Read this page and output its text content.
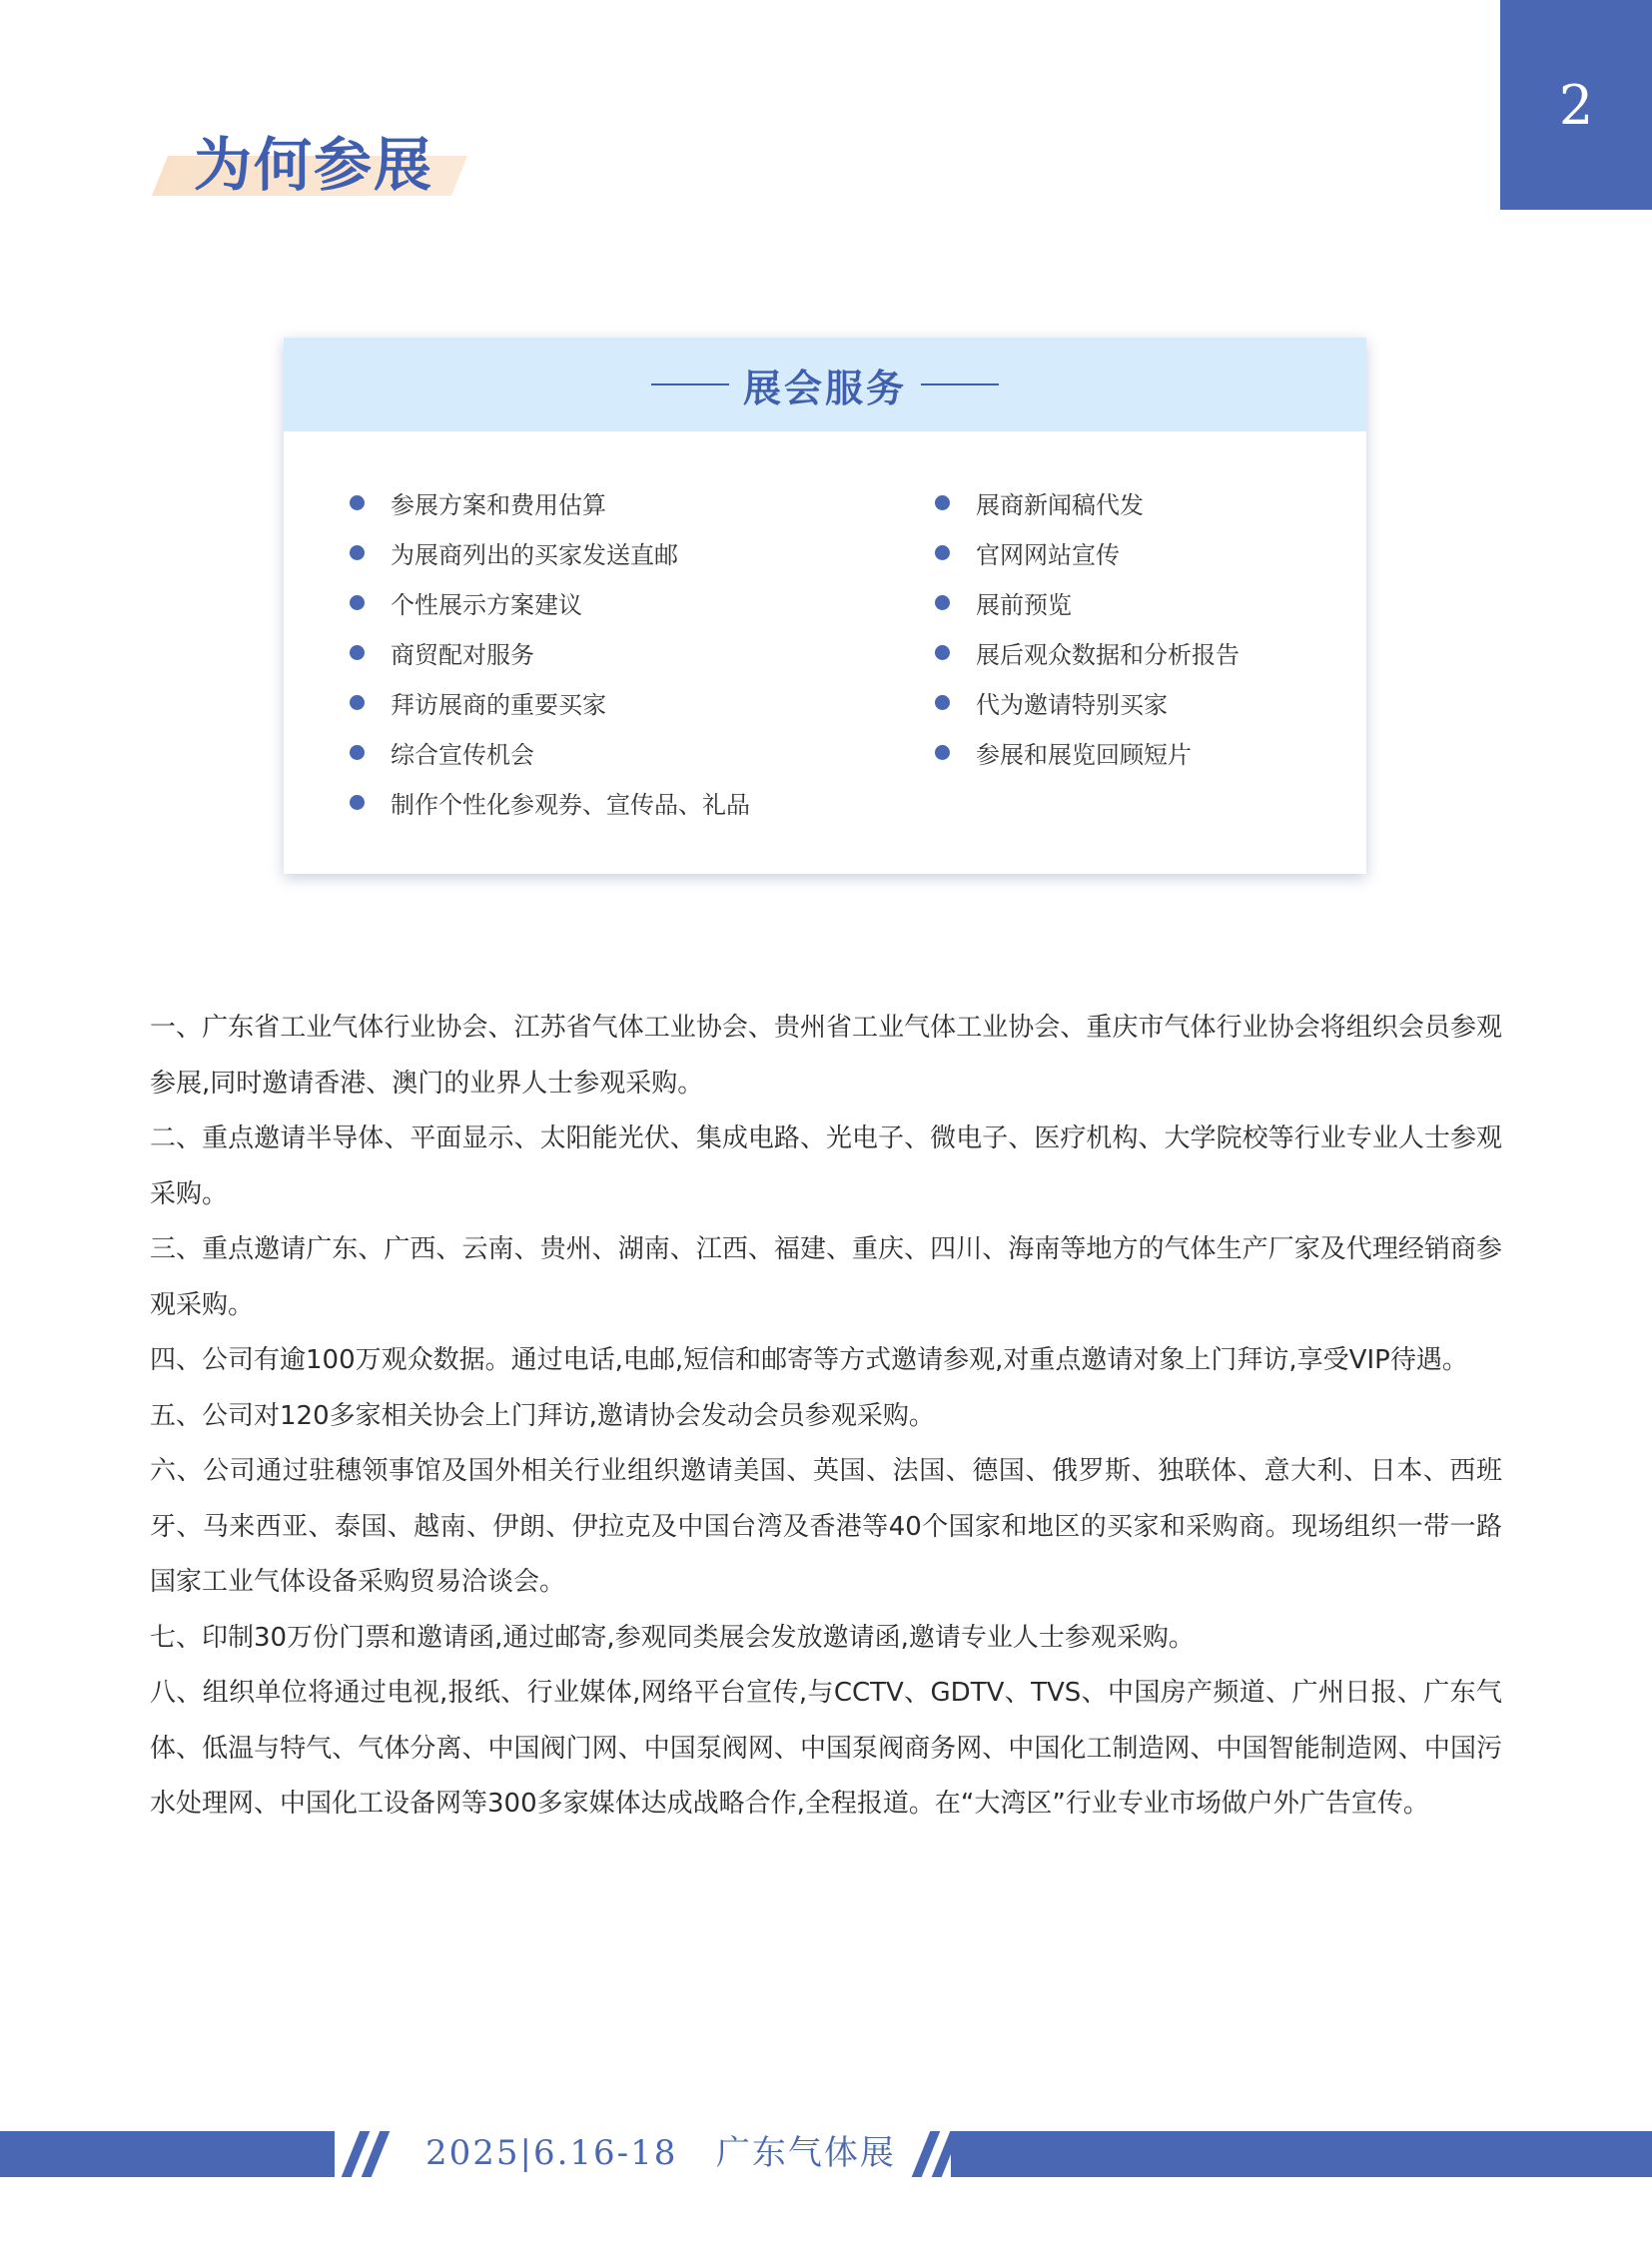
2
为何参展
展会服务
参展方案和费用估算
为展商列出的买家发送直邮
个性展示方案建议
商贸配对服务
拜访展商的重要买家
综合宣传机会
制作个性化参观券、宣传品、礼品
展商新闻稿代发
官网网站宣传
展前预览
展后观众数据和分析报告
代为邀请特别买家
参展和展览回顾短片

一、广东省工业气体行业协会、江苏省气体工业协会、贵州省工业气体工业协会、重庆市气体行业协会将组织会员参观参展,同时邀请香港、澳门的业界人士参观采购。

二、重点邀请半导体、平面显示、太阳能光伏、集成电路、光电子、微电子、医疗机构、大学院校等行业专业人士参观采购。

三、重点邀请广东、广西、云南、贵州、湖南、江西、福建、重庆、四川、海南等地方的气体生产厂家及代理经销商参观采购。

四、公司有逾100万观众数据。通过电话,电邮,短信和邮寄等方式邀请参观,对重点邀请对象上门拜访,享受VIP待遇。

五、公司对120多家相关协会上门拜访,邀请协会发动会员参观采购。

六、公司通过驻穗领事馆及国外相关行业组织邀请美国、英国、法国、德国、俄罗斯、独联体、意大利、日本、西班牙、马来西亚、泰国、越南、伊朗、伊拉克及中国台湾及香港等40个国家和地区的买家和采购商。现场组织一带一路国家工业气体设备采购贸易洽谈会。

七、印制30万份门票和邀请函,通过邮寄,参观同类展会发放邀请函,邀请专业人士参观采购。

八、组织单位将通过电视,报纸、行业媒体,网络平台宣传,与CCTV、GDTV、TVS、中国房产频道、广州日报、广东气体、低温与特气、气体分离、中国阀门网、中国泵阀网、中国泵阀商务网、中国化工制造网、中国智能制造网、中国污水处理网、中国化工设备网等300多家媒体达成战略合作,全程报道。在“大湾区”行业专业市场做户外广告宣传。

2025|6.16-18 广东气体展
